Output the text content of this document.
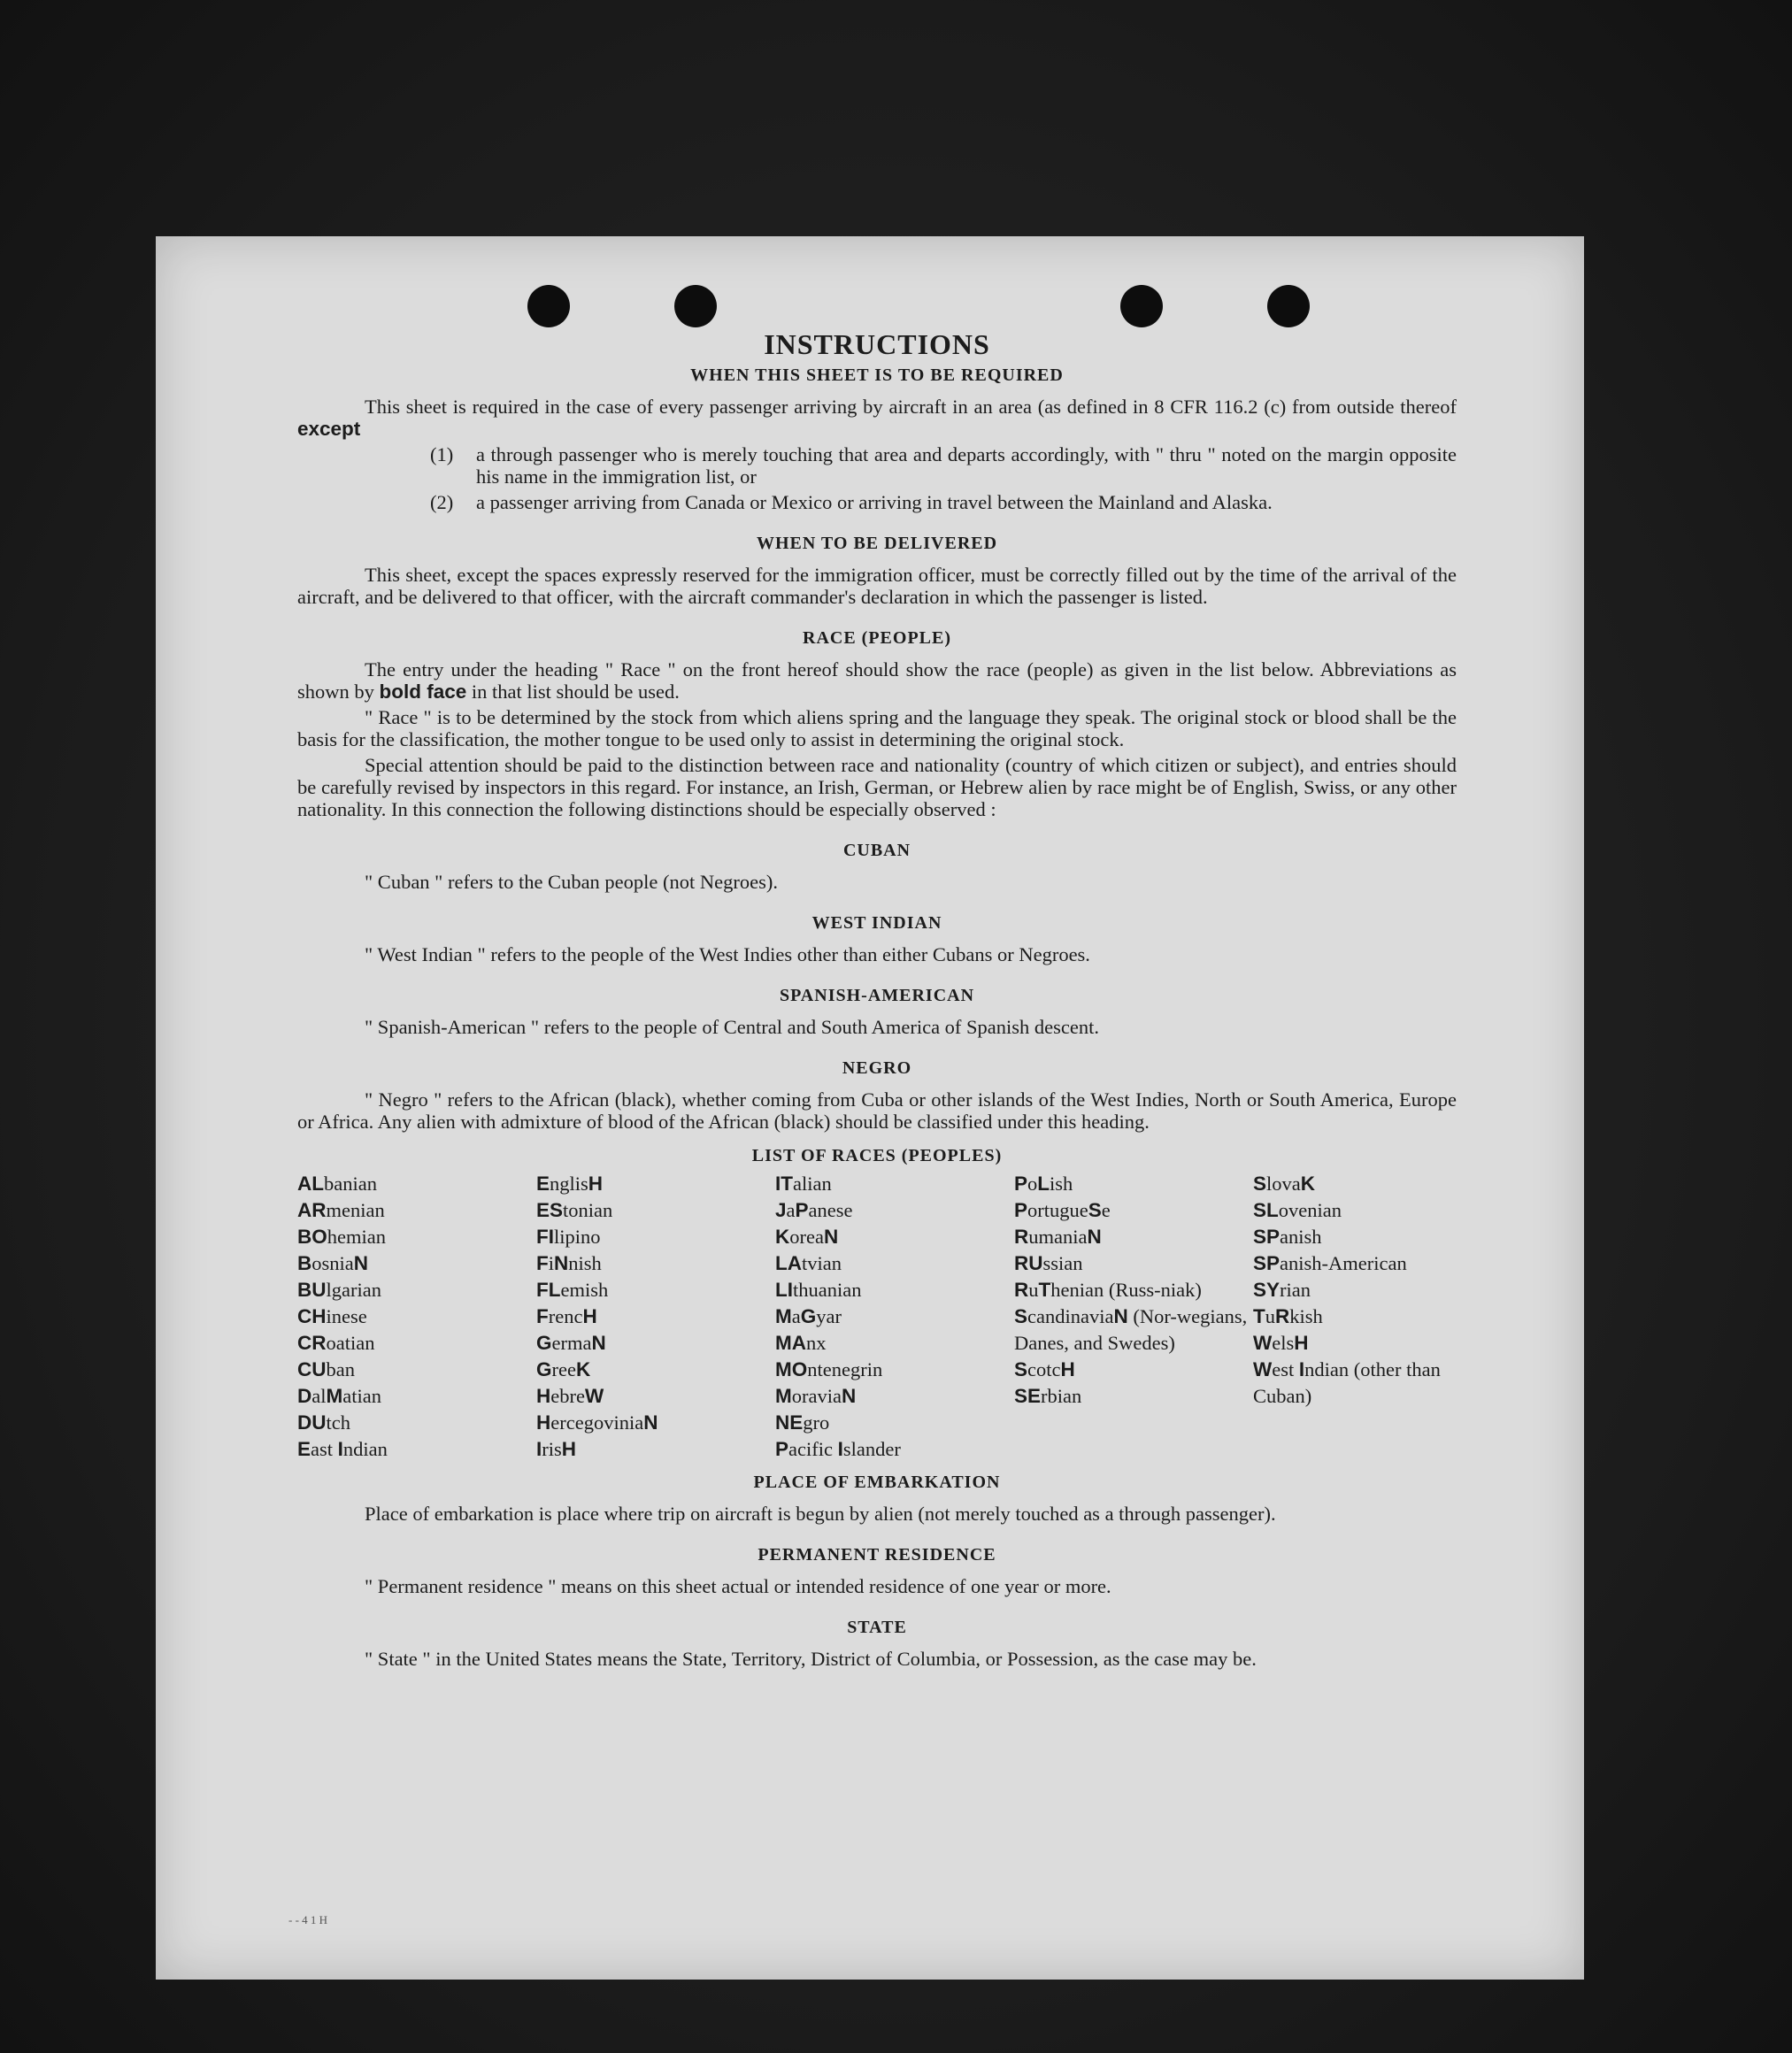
INSTRUCTIONS
WHEN THIS SHEET IS TO BE REQUIRED

This sheet is required in the case of every passenger arriving by aircraft in an area (as defined in 8 CFR 116.2 (c) from outside thereof except

(1)	a through passenger who is merely touching that area and departs accordingly, with " thru " noted on the margin opposite his name in the immigration list, or
(2)	a passenger arriving from Canada or Mexico or arriving in travel between the Mainland and Alaska.
WHEN TO BE DELIVERED

This sheet, except the spaces expressly reserved for the immigration officer, must be correctly filled out by the time of the arrival of the aircraft, and be delivered to that officer, with the aircraft commander's declaration in which the passenger is listed.

RACE (PEOPLE)

The entry under the heading " Race " on the front hereof should show the race (people) as given in the list below. Abbreviations as shown by bold face in that list should be used.

" Race " is to be determined by the stock from which aliens spring and the language they speak. The original stock or blood shall be the basis for the classification, the mother tongue to be used only to assist in determining the original stock.

Special attention should be paid to the distinction between race and nationality (country of which citizen or subject), and entries should be carefully revised by inspectors in this regard. For instance, an Irish, German, or Hebrew alien by race might be of English, Swiss, or any other nationality. In this connection the following distinctions should be especially observed :

CUBAN

" Cuban " refers to the Cuban people (not Negroes).

WEST INDIAN

" West Indian " refers to the people of the West Indies other than either Cubans or Negroes.

SPANISH-AMERICAN

" Spanish-American " refers to the people of Central and South America of Spanish descent.

NEGRO

" Negro " refers to the African (black), whether coming from Cuba or other islands of the West Indies, North or South America, Europe or Africa. Any alien with admixture of blood of the African (black) should be classified under this heading.

LIST OF RACES (PEOPLES)
ALbanian
ARmenian
BOhemian
BosniaN
BUlgarian
CHinese
CRoatian
CUban
DalMatian
DUtch
East Indian
EnglisH
EStonian
FIlipino
FiNnish
FLemish
FrencH
GermaN
GreeK
HebreW
HercegoviniaN
IrisH
ITalian
JaPanese
KoreaN
LAtvian
LIthuanian
MaGyar
MAnx
MOntenegrin
MoraviaN
NEgro
Pacific Islander
PoLish
PortugueSe
RumaniaN
RUssian
RuThenian (Russ-niak)
ScandinaviaN (Nor-wegians, Danes, and Swedes)
ScotcH
SErbian
SlovaK
SLovenian
SPanish
SPanish-American
SYrian
TuRkish
WelsH
West Indian (other than Cuban)
PLACE OF EMBARKATION

Place of embarkation is place where trip on aircraft is begun by alien (not merely touched as a through passenger).

PERMANENT RESIDENCE

" Permanent residence " means on this sheet actual or intended residence of one year or more.

STATE

" State " in the United States means the State, Territory, District of Columbia, or Possession, as the case may be.

- - 4 1 H
